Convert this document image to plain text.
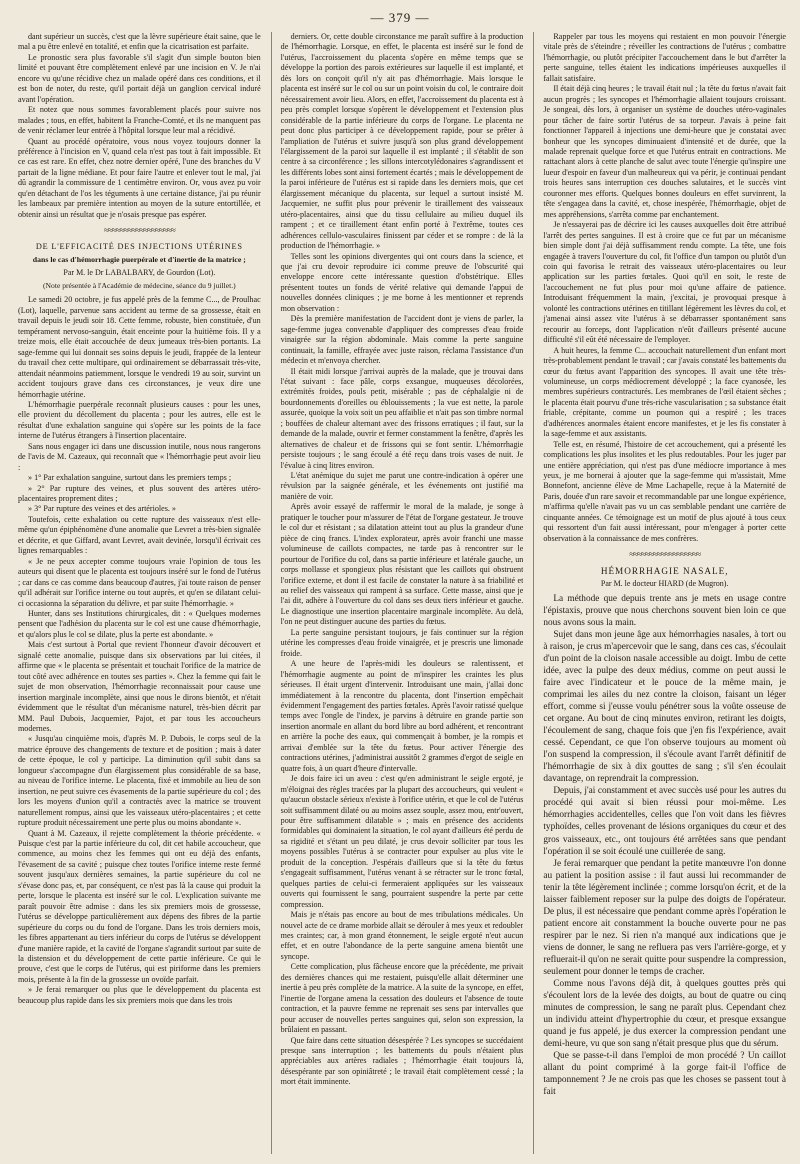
— 379 —

dant supérieur un succès, c'est que la lèvre supérieure était saine, que le mal a pu être enlevé en totalité, et enfin que la cicatrisation est parfaite.

Le pronostic sera plus favorable s'il s'agit d'un simple bouton bien limité et pouvant être complètement enlevé par une incision en V. Je n'ai encore vu qu'une récidive chez un malade opéré dans ces conditions, et il est bon de noter, du reste, qu'il portait déjà un ganglion cervical induré avant l'opération.

Et notez que nous sommes favorablement placés pour suivre nos malades ; tous, en effet, habitent la Franche-Comté, et ils ne manquent pas de venir réclamer leur entrée à l'hôpital lorsque leur mal a récidivé.

Quant au procédé opératoire, vous nous voyez toujours donner la préférence à l'incision en V, quand cela n'est pas tout à fait impossible. Et ce cas est rare. En effet, chez notre dernier opéré, l'une des branches du V partait de la ligne médiane. Et pour faire l'autre et enlever tout le mal, j'ai dû agrandir la commissure de 1 centimètre environ. Or, vous avez pu voir qu'en détachant de l'os les téguments à une certaine distance, j'ai pu réunir les lambeaux par première intention au moyen de la suture entortillée, et obtenir ainsi un résultat que je n'osais presque pas espérer.

≈≈≈≈≈≈≈≈≈≈≈≈≈≈≈≈≈≈
DE L'EFFICACITÉ DES INJECTIONS UTÉRINES
dans le cas d'hémorrhagie puerpérale et d'inertie de la matrice ;
Par M. le Dr LABALBARY, de Gourdon (Lot).
(Note présentée à l'Académie de médecine, séance du 9 juillet.)

Le samedi 20 octobre, je fus appelé près de la femme C..., de Proulhac (Lot), laquelle, parvenue sans accident au terme de sa grossesse, était en travail depuis le jeudi soir 18. Cette femme, robuste, bien constituée, d'un tempérament nervoso-sanguin, était enceinte pour la huitième fois. Il y a treize mois, elle était accouchée de deux jumeaux très-bien portants. La sage-femme qui lui donnait ses soins depuis le jeudi, frappée de la lenteur du travail chez cette multipare, qui ordinairement se débarrassait très-vite, attendait néanmoins patiemment, lorsque le vendredi 19 au soir, survint un accident toujours grave dans ces circonstances, je veux dire une hémorrhagie utérine.

L'hémorrhagie puerpérale reconnaît plusieurs causes : pour les unes, elle provient du décollement du placenta ; pour les autres, elle est le résultat d'une exhalation sanguine qui s'opère sur les points de la face interne de l'utérus étrangers à l'insertion placentaire.

Sans nous engager ici dans une discussion inutile, nous nous rangerons de l'avis de M. Cazeaux, qui reconnaît que « l'hémorrhagie peut avoir lieu :

» 1° Par exhalation sanguine, surtout dans les premiers temps ;

» 2° Par rupture des veines, et plus souvent des artères utéro-placentaires proprement dites ;

» 3° Par rupture des veines et des artérioles. »

Toutefois, cette exhalation ou cette rupture des vaisseaux n'est elle-même qu'un épiphénomène d'une anomalie que Levret a très-bien signalée et décrite, et que Giffard, avant Levret, avait devinée, lorsqu'il écrivait ces lignes remarquables :

« Je ne peux accepter comme toujours vraie l'opinion de tous les auteurs qui disent que le placenta est toujours inséré sur le fond de l'utérus ; car dans ce cas comme dans beaucoup d'autres, j'ai toute raison de penser qu'il adhérait sur l'orifice interne ou tout auprès, et qu'en se dilatant celui-ci occasionna la séparation du délivre, et par suite l'hémorrhagie. »

Hunter, dans ses Institutions chirurgicales, dit : « Quelques modernes pensent que l'adhésion du placenta sur le col est une cause d'hémorrhagie, et qu'alors plus le col se dilate, plus la perte est abondante. »

Mais c'est surtout à Portal que revient l'honneur d'avoir découvert et signalé cette anomalie, puisque dans six observations par lui citées, il affirme que « le placenta se présentait et touchait l'orifice de la matrice de tout côté avec adhérence en toutes ses parties ». Chez la femme qui fait le sujet de mon observation, l'hémorrhagie reconnaissait pour cause une insertion marginale incomplète, ainsi que nous le dirons bientôt, et n'était évidemment que le résultat d'un mécanisme naturel, très-bien décrit par MM. Paul Dubois, Jacquemier, Pajot, et par tous les accoucheurs modernes.

« Jusqu'au cinquième mois, d'après M. P. Dubois, le corps seul de la matrice éprouve des changements de texture et de position ; mais à dater de cette époque, le col y participe. La diminution qu'il subit dans sa longueur s'accompagne d'un élargissement plus considérable de sa base, au niveau de l'orifice interne. Le placenta, fixé et immobile au lieu de son insertion, ne peut suivre ces évasements de la partie supérieure du col ; des lors les moyens d'union qu'il a contractés avec la matrice se trouvent naturellement rompus, ainsi que les vaisseaux utéro-placentaires ; et cette rupture produit nécessairement une perte plus ou moins abondante ».

Quant à M. Cazeaux, il rejette complètement la théorie précédente. « Puisque c'est par la partie inférieure du col, dit cet habile accoucheur, que commence, au moins chez les femmes qui ont eu déjà des enfants, l'évasement de sa cavité ; puisque chez toutes l'orifice interne reste fermé souvent jusqu'aux dernières semaines, la partie supérieure du col ne s'évase donc pas, et, par conséquent, ce n'est pas là la cause qui produit la perte, lorsque le placenta est inséré sur le col. L'explication suivante me paraît pouvoir être admise : dans les six premiers mois de grossesse, l'utérus se développe particulièrement aux dépens des fibres de la partie supérieure du corps ou du fond de l'organe. Dans les trois derniers mois, les fibres appartenant au tiers inférieur du corps de l'utérus se développent d'une manière rapide, et la cavité de l'organe s'agrandit surtout par suite de la distension et du développement de cette partie inférieure. Ce qui le prouve, c'est que le corps de l'utérus, qui est piriforme dans les premiers mois, présente à la fin de la grossesse un ovoïde parfait.

» Je ferai remarquer ou plus que le développement du placenta est beaucoup plus rapide dans les six premiers mois que dans les trois

derniers. Or, cette double circonstance me paraît suffire à la production de l'hémorrhagie. Lorsque, en effet, le placenta est inséré sur le fond de l'utérus, l'accroissement du placenta s'opère en même temps que se développe la portion des parois extérieures sur laquelle il est implanté, et dès lors on conçoit qu'il n'y ait pas d'hémorrhagie. Mais lorsque le placenta est inséré sur le col ou sur un point voisin du col, le contraire doit nécessairement avoir lieu. Alors, en effet, l'accroissement du placenta est à peu près complet lorsque s'opèrent le développement et l'extension plus considérable de la partie inférieure du corps de l'organe. Le placenta ne peut donc plus participer à ce développement rapide, pour se prêter à l'ampliation de l'utérus et suivre jusqu'à son plus grand développement l'élargissement de la paroi sur laquelle il est implanté ; il s'établit de son centre à sa circonférence ; les sillons intercotylédonaires s'agrandissent et les différents lobes sont ainsi fortement écartés ; mais le développement de la paroi inférieure de l'utérus est si rapide dans les derniers mois, que cet élargissement mécanique du placenta, sur lequel a surtout insisté M. Jacquemier, ne suffit plus pour prévenir le tiraillement des vaisseaux utéro-placentaires, ainsi que du tissu cellulaire au milieu duquel ils rampent ; et ce tiraillement étant enfin porté à l'extrême, toutes ces adhérences cellulo-vasculaires finissent par céder et se rompre : de là la production de l'hémorrhagie. »

Telles sont les opinions divergentes qui ont cours dans la science, et que j'ai cru devoir reproduire ici comme preuve de l'obscurité qui enveloppe encore cette intéressante question d'obstétrique. Elles présentent toutes un fonds de vérité relative qui demande l'appui de nouvelles données cliniques ; je me borne à les mentionner et reprends mon observation :

Dès la première manifestation de l'accident dont je viens de parler, la sage-femme jugea convenable d'appliquer des compresses d'eau froide vinaigrée sur la région abdominale. Mais comme la perte sanguine continuait, la famille, effrayée avec juste raison, réclama l'assistance d'un médecin et m'envoya chercher.

Il était midi lorsque j'arrivai auprès de la malade, que je trouvai dans l'état suivant : face pâle, corps exsangue, muqueuses décolorées, extrémités froides, pouls petit, misérable ; pas de céphalalgie ni de bourdonnements d'oreilles ou éblouissements ; la vue est nette, la parole assurée, quoique la voix soit un peu affaiblie et n'ait pas son timbre normal ; bouffées de chaleur alternant avec des frissons erratiques ; il faut, sur la demande de la malade, ouvrir et fermer constamment la fenêtre, d'après les alternatives de chaleur et de frissons qui se font sentir. L'hémorrhagie persiste toujours ; le sang écoulé a été reçu dans trois vases de nuit. Je l'évalue à cinq litres environ.

L'état anémique du sujet me parut une contre-indication à opérer une révulsion par la saignée générale, et les événements ont justifié ma manière de voir.

Après avoir essayé de raffermir le moral de la malade, je songe à pratiquer le toucher pour m'assurer de l'état de l'organe gestateur. Je trouve le col dur et résistant ; sa dilatation atteint tout au plus la grandeur d'une pièce de cinq francs. L'index explorateur, après avoir franchi une masse volumineuse de caillots compactes, ne tarde pas à rencontrer sur le pourtour de l'orifice du col, dans sa partie inférieure et latérale gauche, un corps mollasse et spongieux plus résistant que les caillots qui obstruent l'orifice externe, et dont il est facile de constater la nature à sa friabilité et au relief des vaisseaux qui rampent à sa surface. Cette masse, ainsi que je l'ai dit, adhère à l'ouverture du col dans ses deux tiers inférieur et gauche. Le diagnostique une insertion placentaire marginale incomplète. Au delà, l'on ne peut distinguer aucune des parties du fœtus.

La perte sanguine persistant toujours, je fais continuer sur la région utérine les compresses d'eau froide vinaigrée, et je prescris une limonade froide.

A une heure de l'après-midi les douleurs se ralentissent, et l'hémorrhagie augmente au point de m'inspirer les craintes les plus sérieuses. Il était urgent d'intervenir. Introduisant une main, j'allai donc immédiatement à la rencontre du placenta, dont l'insertion empêchait évidemment l'engagement des parties fœtales. Après l'avoir ratissé quelque temps avec l'ongle de l'index, je parvins à détruire en grande partie son insertion anormale en allant du bord libre au bord adhérent, et rencontrant en arrière la poche des eaux, qui commençait à bomber, je la rompis et arrivai d'emblée sur la tête du fœtus. Pour activer l'énergie des contractions utérines, j'administrai aussitôt 2 grammes d'ergot de seigle en quatre fois, à un quart d'heure d'intervalle.

Je dois faire ici un aveu : c'est qu'en administrant le seigle ergoté, je m'éloignai des règles tracées par la plupart des accoucheurs, qui veulent « qu'aucun obstacle sérieux n'existe à l'orifice utérin, et que le col de l'utérus soit suffisamment dilaté ou au moins assez souple, assez mou, entr'ouvert, pour être suffisamment dilatable » ; mais en présence des accidents formidables qui dominaient la situation, le col ayant d'ailleurs été perdu de sa rigidité et s'étant un peu dilaté, je crus devoir solliciter par tous les moyens possibles l'utérus à se contracter pour expulser au plus vite le produit de la conception. J'espérais d'ailleurs que si la tête du fœtus s'engageait suffisamment, l'utérus venant à se rétracter sur le tronc fœtal, quelques parties de celui-ci fermeraient appliquées sur les vaisseaux ouverts qui fournissent le sang, pourraient suspendre la perte par cette compression.

Mais je n'étais pas encore au bout de mes tribulations médicales. Un nouvel acte de ce drame morbide allait se dérouler à mes yeux et redoubler mes craintes; car, à mon grand étonnement, le seigle ergoté n'eut aucun effet, et en outre l'abondance de la perte sanguine amena bientôt une syncope.

Cette complication, plus fâcheuse encore que la précédente, me privait des dernières chances qui me restaient, puisqu'elle allait déterminer une inertie à peu près complète de la matrice. A la suite de la syncope, en effet, l'inertie de l'organe amena la cessation des douleurs et l'absence de toute contraction, et la pauvre femme ne reprenait ses sens par intervalles que pour accuser de nouvelles pertes sanguines qui, selon son expression, la brûlaient en passant.

Que faire dans cette situation désespérée ? Les syncopes se succédaient presque sans interruption ; les battements du pouls n'étaient plus appréciables aux artères radiales ; l'hémorrhagie était toujours là, désespérante par son opiniâtreté ; le travail était complètement cessé ; la mort était imminente.

Rappeler par tous les moyens qui restaient en mon pouvoir l'énergie vitale près de s'éteindre ; réveiller les contractions de l'utérus ; combattre l'hémorrhagie, ou plutôt précipiter l'accouchement dans le but d'arrêter la perte sanguine, telles étaient les indications impérieuses auxquelles il fallait satisfaire.

Il était déjà cinq heures ; le travail était nul ; la tête du fœtus n'avait fait aucun progrès ; les syncopes et l'hémorrhagie allaient toujours croissant. Je songeai, dès lors, à organiser un système de douches utéro-vaginales pour tâcher de faire sortir l'utérus de sa torpeur. J'avais à peine fait fonctionner l'appareil à injections une demi-heure que je constatai avec bonheur que les syncopes diminuaient d'intensité et de durée, que la malade reprenait quelque force et que l'utérus entrait en contractions. Me rattachant alors à cette planche de salut avec toute l'énergie qu'inspire une lueur d'espoir en faveur d'un malheureux qui va périr, je continuai pendant trois heures sans interruption ces douches salutaires, et le succès vint couronner mes efforts. Quelques bonnes douleurs en effet survinrent, la tête s'engagea dans la cavité, et, chose inespérée, l'hémorrhagie, objet de mes appréhensions, s'arrêta comme par enchantement.

Je n'essayerai pas de décrire ici les causes auxquelles doit être attribué l'arrêt des pertes sanguines. Il est à croire que ce fut par un mécanisme bien simple dont j'ai déjà suffisamment rendu compte. La tête, une fois engagée à travers l'ouverture du col, fit l'office d'un tampon ou plutôt d'un coin qui favorisa le retrait des vaisseaux utéro-placentaires ou leur application sur les parties fœtales. Quoi qu'il en soit, le reste de l'accouchement ne fut plus pour moi qu'une affaire de patience. Introduisant fréquemment la main, j'excitai, je provoquai presque à volonté les contractions utérines en titillant légèrement les lèvres du col, et j'amenai ainsi assez vite l'utérus à se débarrasser spontanément sans recourir au forceps, dont l'application n'eût d'ailleurs présenté aucune difficulté s'il eût été nécessaire de l'employer.

A huit heures, la femme C... accouchait naturellement d'un enfant mort très-probablement pendant le travail ; car j'avais constaté les battements du cœur du fœtus avant l'apparition des syncopes. Il avait une tête très-volumineuse, un corps médiocrement développé ; la face cyanosée, les membres supérieurs contracturés. Les membranes de l'œil étaient sèches ; le placenta était pourvu d'une très-riche vascularisation ; sa substance était friable, crépitante, comme un poumon qui a respiré ; les traces d'adhérences anormales étaient encore manifestes, et je les fis constater à la sage-femme et aux assistants.

Telle est, en résumé, l'histoire de cet accouchement, qui a présenté les complications les plus insolites et les plus redoutables. Pour les juger par une entière appréciation, qui n'est pas d'une médiocre importance à mes yeux, je me bornerai à ajouter que la sage-femme qui m'assistait, Mme Bonnefont, ancienne élève de Mme Lachapelle, reçue à la Maternité de Paris, douée d'un rare savoir et recommandable par une longue expérience, m'affirma qu'elle n'avait pas vu un cas semblable pendant une carrière de cinquante années. Ce témoignage est un motif de plus ajouté à tous ceux qui ressortent d'un fait aussi intéressant, pour m'engager à porter cette observation à la connaissance de mes confrères.

≈≈≈≈≈≈≈≈≈≈≈≈≈≈≈≈≈≈
HÉMORRHAGIE NASALE,
Par M. le docteur HIARD (de Mugron).

La méthode que depuis trente ans je mets en usage contre l'épistaxis, prouve que nous cherchons souvent bien loin ce que nous avons sous la main.

Sujet dans mon jeune âge aux hémorrhagies nasales, à tort ou à raison, je crus m'apercevoir que le sang, dans ces cas, s'écoulait d'un point de la cloison nasale accessible au doigt. Imbu de cette idée, avec la pulpe des deux médius, comme on peut aussi le faire avec l'indicateur et le pouce de la même main, je comprimai les ailes du nez contre la cloison, faisant un léger effort, comme si j'eusse voulu pénétrer sous la voûte osseuse de cet organe. Au bout de cinq minutes environ, retirant les doigts, l'écoulement de sang, chaque fois que j'en fis l'expérience, avait cessé. Cependant, ce que l'on observe toujours au moment où l'on suspend la compression, il s'écoule avant l'arrêt définitif de l'hémorrhagie de six à dix gouttes de sang ; s'il s'en écoulait davantage, on reprendrait la compression.

Depuis, j'ai constamment et avec succès usé pour les autres du procédé qui avait si bien réussi pour moi-même. Les hémorrhagies accidentelles, celles que l'on voit dans les fièvres typhoïdes, celles provenant de lésions organiques du cœur et des gros vaisseaux, etc., ont toujours été arrêtées sans que pendant l'opération il se soit écoulé une cuillerée de sang.

Je ferai remarquer que pendant la petite manœuvre l'on donne au patient la position assise : il faut aussi lui recommander de tenir la tête légèrement inclinée ; comme lorsqu'on écrit, et de la laisser faiblement reposer sur la pulpe des doigts de l'opérateur. De plus, il est nécessaire que pendant comme après l'opération le patient encore ait constamment la bouche ouverte pour ne pas respirer par le nez. Si rien n'a manqué aux indications que je viens de donner, le sang ne refluera pas vers l'arrière-gorge, et y refluerait-il qu'on ne serait quitte pour suspendre la compression, seulement pour donner le temps de cracher.

Comme nous l'avons déjà dit, à quelques gouttes près qui s'écoulent lors de la levée des doigts, au bout de quatre ou cinq minutes de compression, le sang ne paraît plus. Cependant chez un individu atteint d'hypertrophie du cœur, et presque exsangue quand je fus appelé, je dus exercer la compression pendant une demi-heure, vu que son sang n'était presque plus que du sérum.

Que se passe-t-il dans l'emploi de mon procédé ? Un caillot allant du point comprimé à la gorge fait-il l'office de tamponnement ? Je ne crois pas que les choses se passent tout à fait
